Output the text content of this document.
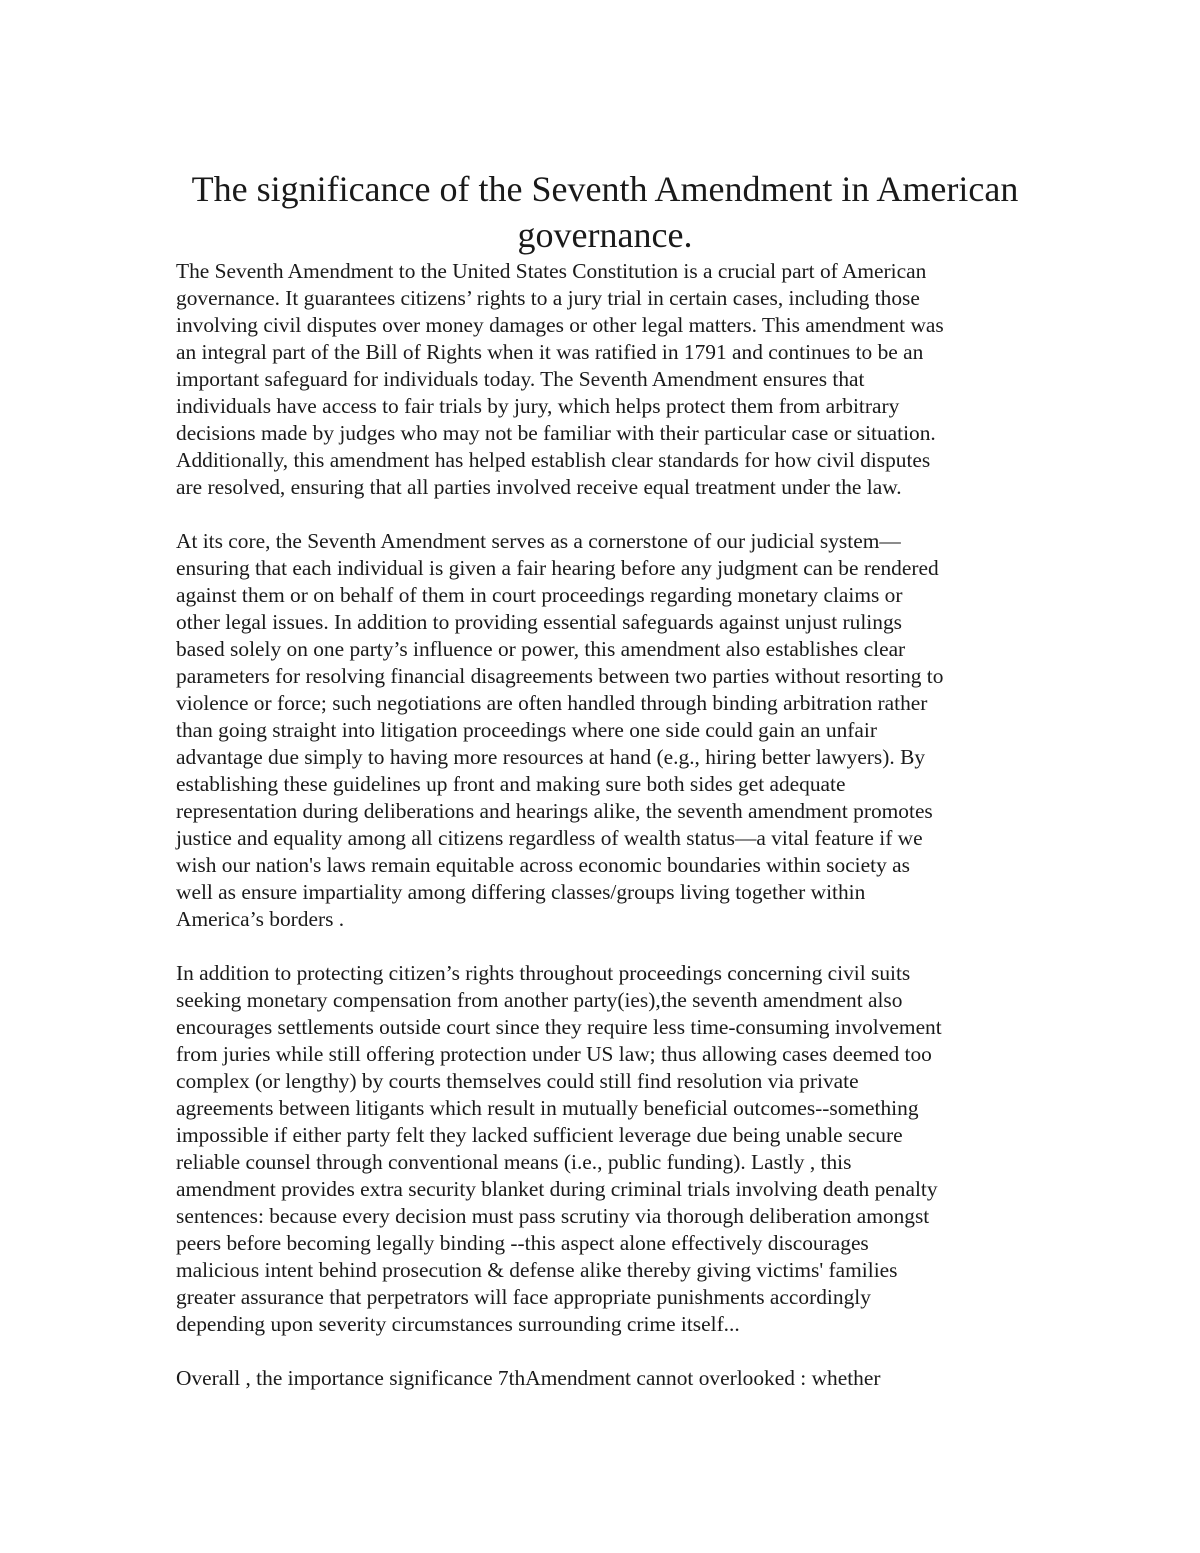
The significance of the Seventh Amendment in American
governance.

The Seventh Amendment to the United States Constitution is a crucial part of American
governance. It guarantees citizens’ rights to a jury trial in certain cases, including those
involving civil disputes over money damages or other legal matters. This amendment was
an integral part of the Bill of Rights when it was ratified in 1791 and continues to be an
important safeguard for individuals today. The Seventh Amendment ensures that
individuals have access to fair trials by jury, which helps protect them from arbitrary
decisions made by judges who may not be familiar with their particular case or situation.
Additionally, this amendment has helped establish clear standards for how civil disputes
are resolved, ensuring that all parties involved receive equal treatment under the law.

At its core, the Seventh Amendment serves as a cornerstone of our judicial system—
ensuring that each individual is given a fair hearing before any judgment can be rendered
against them or on behalf of them in court proceedings regarding monetary claims or
other legal issues. In addition to providing essential safeguards against unjust rulings
based solely on one party’s influence or power, this amendment also establishes clear
parameters for resolving financial disagreements between two parties without resorting to
violence or force; such negotiations are often handled through binding arbitration rather
than going straight into litigation proceedings where one side could gain an unfair
advantage due simply to having more resources at hand (e.g., hiring better lawyers). By
establishing these guidelines up front and making sure both sides get adequate
representation during deliberations and hearings alike, the seventh amendment promotes
justice and equality among all citizens regardless of wealth status—a vital feature if we
wish our nation's laws remain equitable across economic boundaries within society as
well as ensure impartiality among differing classes/groups living together within
America’s borders .

In addition to protecting citizen’s rights throughout proceedings concerning civil suits
seeking monetary compensation from another party(ies),the seventh amendment also
encourages settlements outside court since they require less time-consuming involvement
from juries while still offering protection under US law; thus allowing cases deemed too
complex (or lengthy) by courts themselves could still find resolution via private
agreements between litigants which result in mutually beneficial outcomes--something
impossible if either party felt they lacked sufficient leverage due being unable secure
reliable counsel through conventional means (i.e., public funding). Lastly , this
amendment provides extra security blanket during criminal trials involving death penalty
sentences: because every decision must pass scrutiny via thorough deliberation amongst
peers before becoming legally binding --this aspect alone effectively discourages
malicious intent behind prosecution & defense alike thereby giving victims' families
greater assurance that perpetrators will face appropriate punishments accordingly
depending upon severity circumstances surrounding crime itself...

Overall , the importance significance 7thAmendment cannot overlooked : whether
